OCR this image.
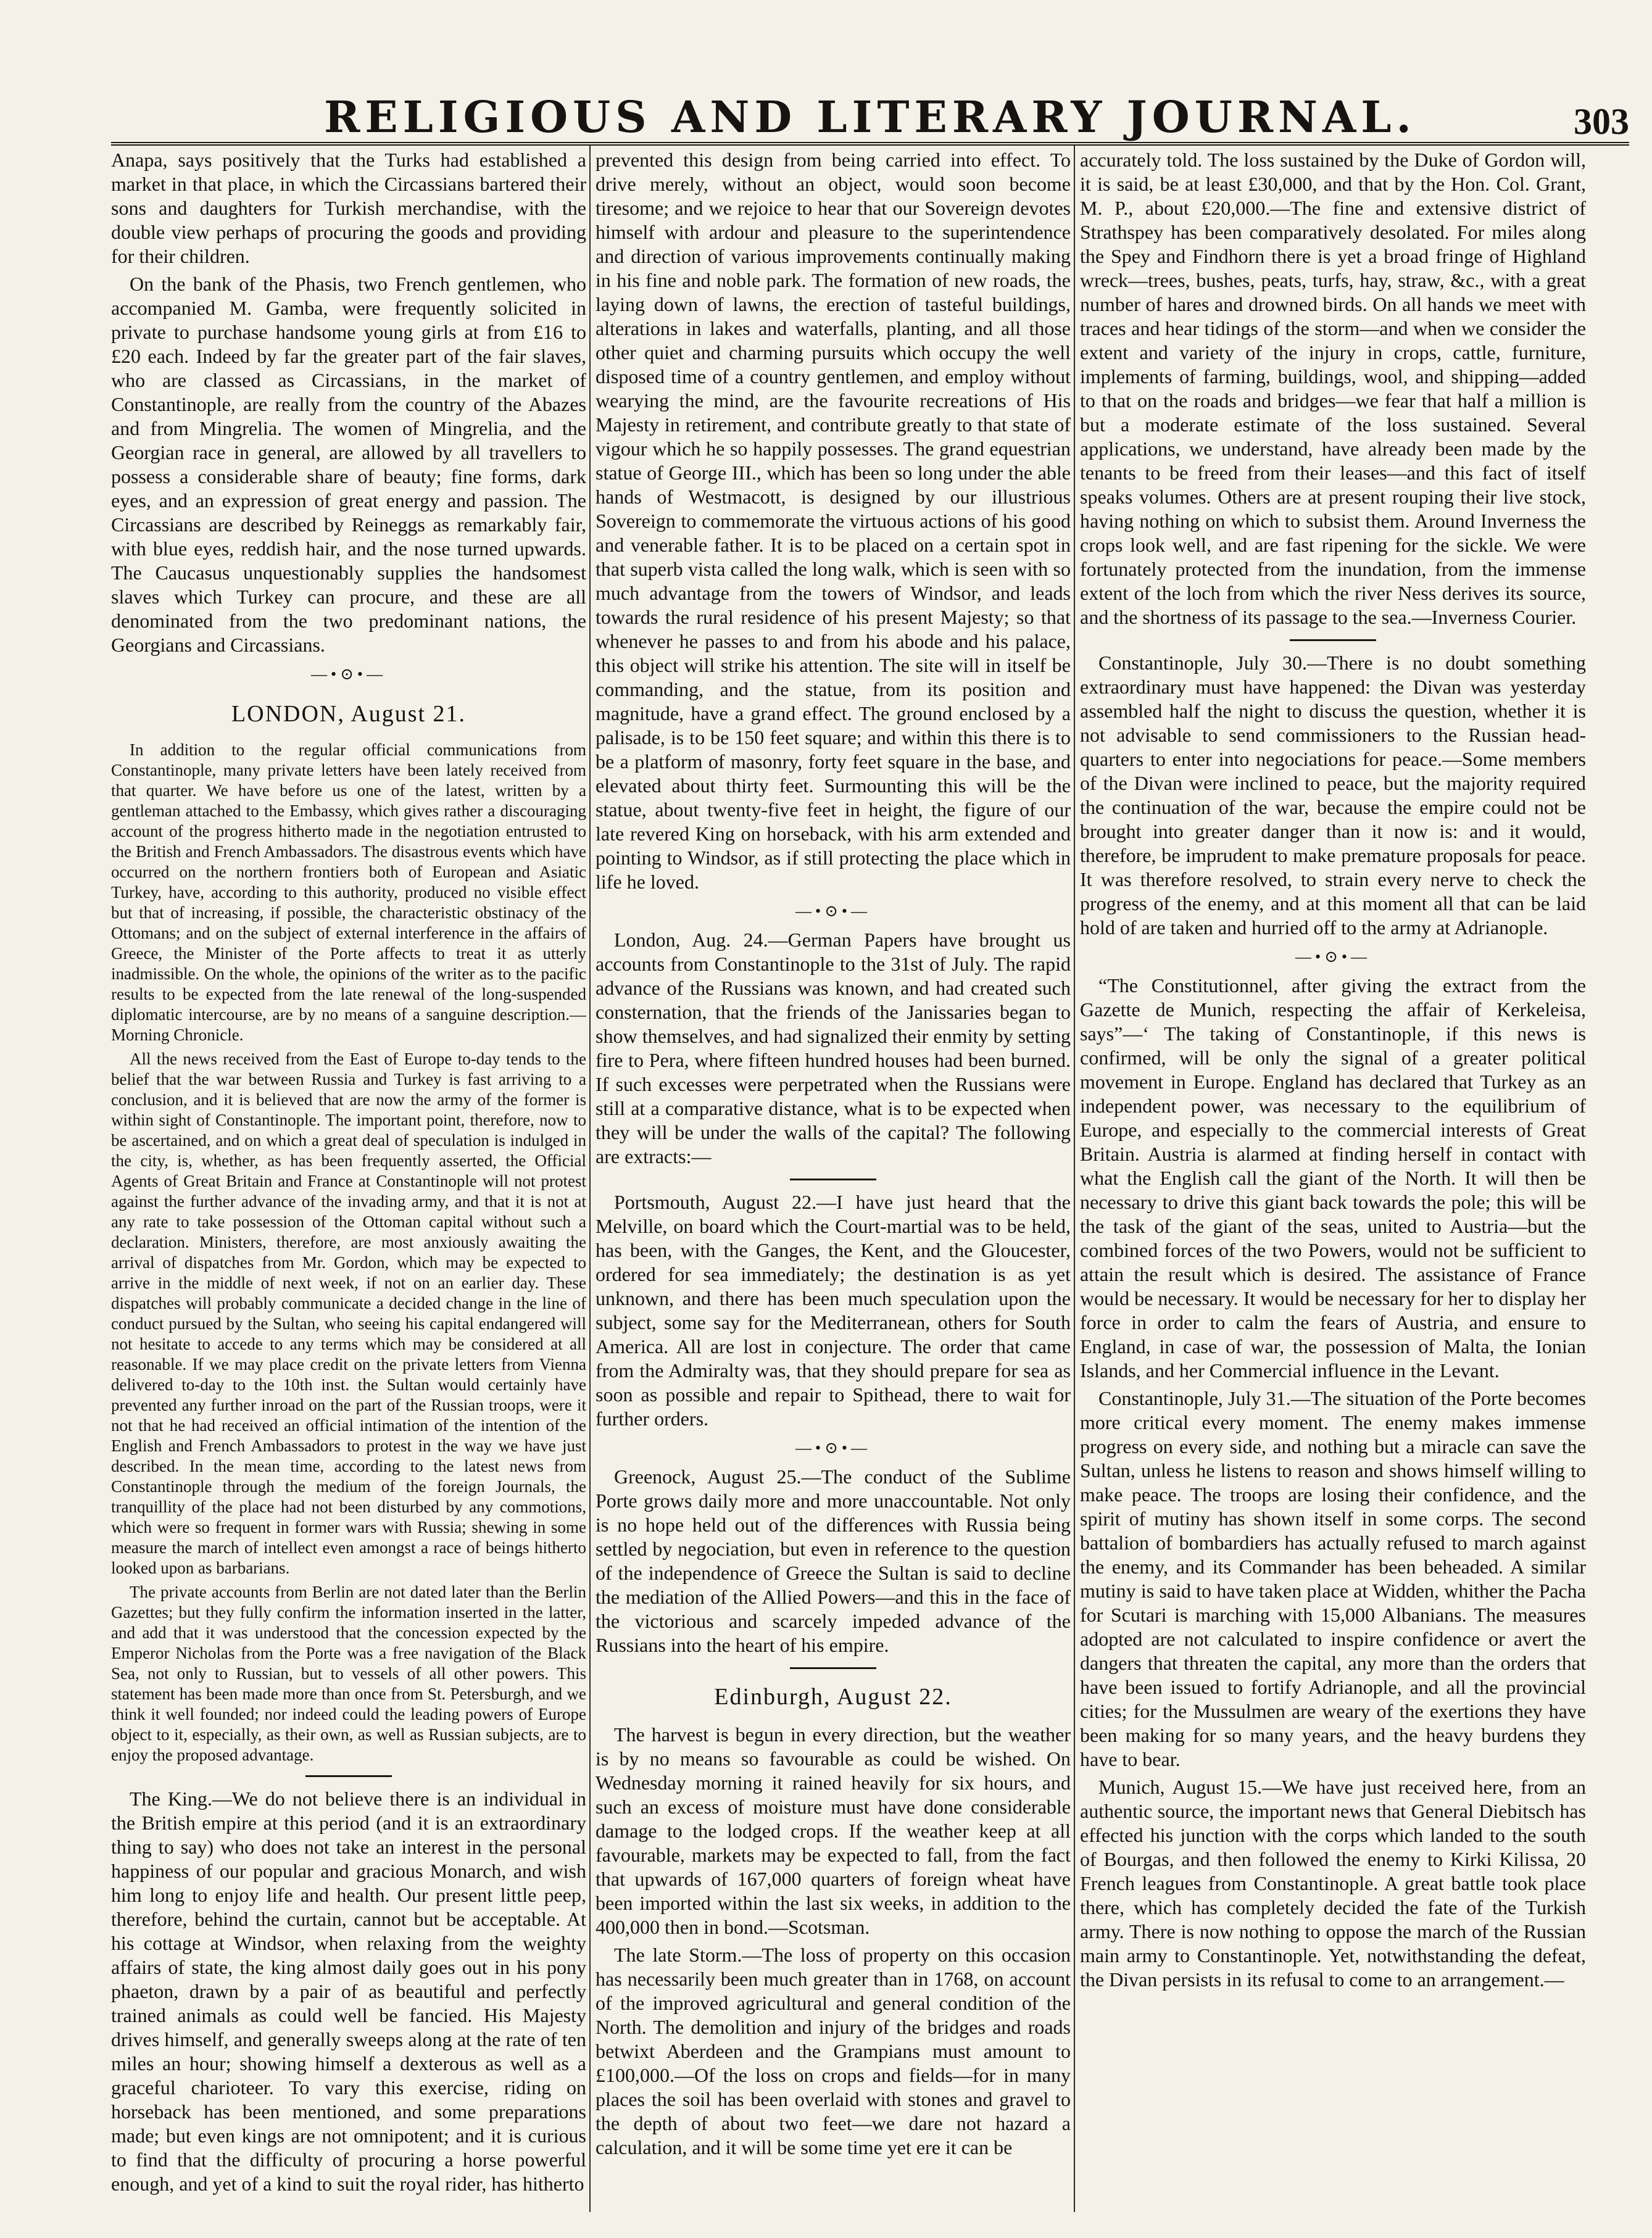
RELIGIOUS AND LITERARY JOURNAL.	303

Anapa, says positively that the Turks had established a market in that place, in which the Circassians bartered their sons and daughters for Turkish merchandise, with the double view perhaps of procuring the goods and providing for their children.

On the bank of the Phasis, two French gentlemen, who accompanied M. Gamba, were frequently solicited in private to purchase handsome young girls at from £16 to £20 each. Indeed by far the greater part of the fair slaves, who are classed as Circassians, in the market of Constantinople, are really from the country of the Abazes and from Mingrelia. The women of Mingrelia, and the Georgian race in general, are allowed by all travellers to possess a considerable share of beauty; fine forms, dark eyes, and an expression of great energy and passion. The Circassians are described by Reineggs as remarkably fair, with blue eyes, reddish hair, and the nose turned upwards. The Caucasus unquestionably supplies the handsomest slaves which Turkey can procure, and these are all denominated from the two predominant nations, the Georgians and Circassians.

—•⊙•—
LONDON, August 21.

In addition to the regular official communications from Constantinople, many private letters have been lately received from that quarter. We have before us one of the latest, written by a gentleman attached to the Embassy, which gives rather a discouraging account of the progress hitherto made in the negotiation entrusted to the British and French Ambassadors. The disastrous events which have occurred on the northern frontiers both of European and Asiatic Turkey, have, according to this authority, produced no visible effect but that of increasing, if possible, the characteristic obstinacy of the Ottomans; and on the subject of external interference in the affairs of Greece, the Minister of the Porte affects to treat it as utterly inadmissible. On the whole, the opinions of the writer as to the pacific results to be expected from the late renewal of the long-suspended diplomatic intercourse, are by no means of a sanguine description.—Morning Chronicle.

All the news received from the East of Europe to-day tends to the belief that the war between Russia and Turkey is fast arriving to a conclusion, and it is believed that are now the army of the former is within sight of Constantinople. The important point, therefore, now to be ascertained, and on which a great deal of speculation is indulged in the city, is, whether, as has been frequently asserted, the Official Agents of Great Britain and France at Constantinople will not protest against the further advance of the invading army, and that it is not at any rate to take possession of the Ottoman capital without such a declaration. Ministers, therefore, are most anxiously awaiting the arrival of dispatches from Mr. Gordon, which may be expected to arrive in the middle of next week, if not on an earlier day. These dispatches will probably communicate a decided change in the line of conduct pursued by the Sultan, who seeing his capital endangered will not hesitate to accede to any terms which may be considered at all reasonable. If we may place credit on the private letters from Vienna delivered to-day to the 10th inst. the Sultan would certainly have prevented any further inroad on the part of the Russian troops, were it not that he had received an official intimation of the intention of the English and French Ambassadors to protest in the way we have just described. In the mean time, according to the latest news from Constantinople through the medium of the foreign Journals, the tranquillity of the place had not been disturbed by any commotions, which were so frequent in former wars with Russia; shewing in some measure the march of intellect even amongst a race of beings hitherto looked upon as barbarians.

The private accounts from Berlin are not dated later than the Berlin Gazettes; but they fully confirm the information inserted in the latter, and add that it was understood that the concession expected by the Emperor Nicholas from the Porte was a free navigation of the Black Sea, not only to Russian, but to vessels of all other powers. This statement has been made more than once from St. Petersburgh, and we think it well founded; nor indeed could the leading powers of Europe object to it, especially, as their own, as well as Russian subjects, are to enjoy the proposed advantage.

The King.—We do not believe there is an individual in the British empire at this period (and it is an extraordinary thing to say) who does not take an interest in the personal happiness of our popular and gracious Monarch, and wish him long to enjoy life and health. Our present little peep, therefore, behind the curtain, cannot but be acceptable. At his cottage at Windsor, when relaxing from the weighty affairs of state, the king almost daily goes out in his pony phaeton, drawn by a pair of as beautiful and perfectly trained animals as could well be fancied. His Majesty drives himself, and generally sweeps along at the rate of ten miles an hour; showing himself a dexterous as well as a graceful charioteer. To vary this exercise, riding on horseback has been mentioned, and some preparations made; but even kings are not omnipotent; and it is curious to find that the difficulty of procuring a horse powerful enough, and yet of a kind to suit the royal rider, has hitherto

prevented this design from being carried into effect. To drive merely, without an object, would soon become tiresome; and we rejoice to hear that our Sovereign devotes himself with ardour and pleasure to the superintendence and direction of various improvements continually making in his fine and noble park. The formation of new roads, the laying down of lawns, the erection of tasteful buildings, alterations in lakes and waterfalls, planting, and all those other quiet and charming pursuits which occupy the well disposed time of a country gentlemen, and employ without wearying the mind, are the favourite recreations of His Majesty in retirement, and contribute greatly to that state of vigour which he so happily possesses. The grand equestrian statue of George III., which has been so long under the able hands of Westmacott, is designed by our illustrious Sovereign to commemorate the virtuous actions of his good and venerable father. It is to be placed on a certain spot in that superb vista called the long walk, which is seen with so much advantage from the towers of Windsor, and leads towards the rural residence of his present Majesty; so that whenever he passes to and from his abode and his palace, this object will strike his attention. The site will in itself be commanding, and the statue, from its position and magnitude, have a grand effect. The ground enclosed by a palisade, is to be 150 feet square; and within this there is to be a platform of masonry, forty feet square in the base, and elevated about thirty feet. Surmounting this will be the statue, about twenty-five feet in height, the figure of our late revered King on horseback, with his arm extended and pointing to Windsor, as if still protecting the place which in life he loved.

—•⊙•—

London, Aug. 24.—German Papers have brought us accounts from Constantinople to the 31st of July. The rapid advance of the Russians was known, and had created such consternation, that the friends of the Janissaries began to show themselves, and had signalized their enmity by setting fire to Pera, where fifteen hundred houses had been burned. If such excesses were perpetrated when the Russians were still at a comparative distance, what is to be expected when they will be under the walls of the capital? The following are extracts:—

Portsmouth, August 22.—I have just heard that the Melville, on board which the Court-martial was to be held, has been, with the Ganges, the Kent, and the Gloucester, ordered for sea immediately; the destination is as yet unknown, and there has been much speculation upon the subject, some say for the Mediterranean, others for South America. All are lost in conjecture. The order that came from the Admiralty was, that they should prepare for sea as soon as possible and repair to Spithead, there to wait for further orders.

—•⊙•—

Greenock, August 25.—The conduct of the Sublime Porte grows daily more and more unaccountable. Not only is no hope held out of the differences with Russia being settled by negociation, but even in reference to the question of the independence of Greece the Sultan is said to decline the mediation of the Allied Powers—and this in the face of the victorious and scarcely impeded advance of the Russians into the heart of his empire.

Edinburgh, August 22.

The harvest is begun in every direction, but the weather is by no means so favourable as could be wished. On Wednesday morning it rained heavily for six hours, and such an excess of moisture must have done considerable damage to the lodged crops. If the weather keep at all favourable, markets may be expected to fall, from the fact that upwards of 167,000 quarters of foreign wheat have been imported within the last six weeks, in addition to the 400,000 then in bond.—Scotsman.

The late Storm.—The loss of property on this occasion has necessarily been much greater than in 1768, on account of the improved agricultural and general condition of the North. The demolition and injury of the bridges and roads betwixt Aberdeen and the Grampians must amount to £100,000.—Of the loss on crops and fields—for in many places the soil has been overlaid with stones and gravel to the depth of about two feet—we dare not hazard a calculation, and it will be some time yet ere it can be

accurately told. The loss sustained by the Duke of Gordon will, it is said, be at least £30,000, and that by the Hon. Col. Grant, M. P., about £20,000.—The fine and extensive district of Strathspey has been comparatively desolated. For miles along the Spey and Findhorn there is yet a broad fringe of Highland wreck—trees, bushes, peats, turfs, hay, straw, &c., with a great number of hares and drowned birds. On all hands we meet with traces and hear tidings of the storm—and when we consider the extent and variety of the injury in crops, cattle, furniture, implements of farming, buildings, wool, and shipping—added to that on the roads and bridges—we fear that half a million is but a moderate estimate of the loss sustained. Several applications, we understand, have already been made by the tenants to be freed from their leases—and this fact of itself speaks volumes. Others are at present rouping their live stock, having nothing on which to subsist them. Around Inverness the crops look well, and are fast ripening for the sickle. We were fortunately protected from the inundation, from the immense extent of the loch from which the river Ness derives its source, and the shortness of its passage to the sea.—Inverness Courier.

Constantinople, July 30.—There is no doubt something extraordinary must have happened: the Divan was yesterday assembled half the night to discuss the question, whether it is not advisable to send commissioners to the Russian head-quarters to enter into negociations for peace.—Some members of the Divan were inclined to peace, but the majority required the continuation of the war, because the empire could not be brought into greater danger than it now is: and it would, therefore, be imprudent to make premature proposals for peace. It was therefore resolved, to strain every nerve to check the progress of the enemy, and at this moment all that can be laid hold of are taken and hurried off to the army at Adrianople.

—•⊙•—

“The Constitutionnel, after giving the extract from the Gazette de Munich, respecting the affair of Kerkeleisa, says”—‘ The taking of Constantinople, if this news is confirmed, will be only the signal of a greater political movement in Europe. England has declared that Turkey as an independent power, was necessary to the equilibrium of Europe, and especially to the commercial interests of Great Britain. Austria is alarmed at finding herself in contact with what the English call the giant of the North. It will then be necessary to drive this giant back towards the pole; this will be the task of the giant of the seas, united to Austria—but the combined forces of the two Powers, would not be sufficient to attain the result which is desired. The assistance of France would be necessary. It would be necessary for her to display her force in order to calm the fears of Austria, and ensure to England, in case of war, the possession of Malta, the Ionian Islands, and her Commercial influence in the Levant.

Constantinople, July 31.—The situation of the Porte becomes more critical every moment. The enemy makes immense progress on every side, and nothing but a miracle can save the Sultan, unless he listens to reason and shows himself willing to make peace. The troops are losing their confidence, and the spirit of mutiny has shown itself in some corps. The second battalion of bombardiers has actually refused to march against the enemy, and its Commander has been beheaded. A similar mutiny is said to have taken place at Widden, whither the Pacha for Scutari is marching with 15,000 Albanians. The measures adopted are not calculated to inspire confidence or avert the dangers that threaten the capital, any more than the orders that have been issued to fortify Adrianople, and all the provincial cities; for the Mussulmen are weary of the exertions they have been making for so many years, and the heavy burdens they have to bear.

Munich, August 15.—We have just received here, from an authentic source, the important news that General Diebitsch has effected his junction with the corps which landed to the south of Bourgas, and then followed the enemy to Kirki Kilissa, 20 French leagues from Constantinople. A great battle took place there, which has completely decided the fate of the Turkish army. There is now nothing to oppose the march of the Russian main army to Constantinople. Yet, notwithstanding the defeat, the Divan persists in its refusal to come to an arrangement.—
